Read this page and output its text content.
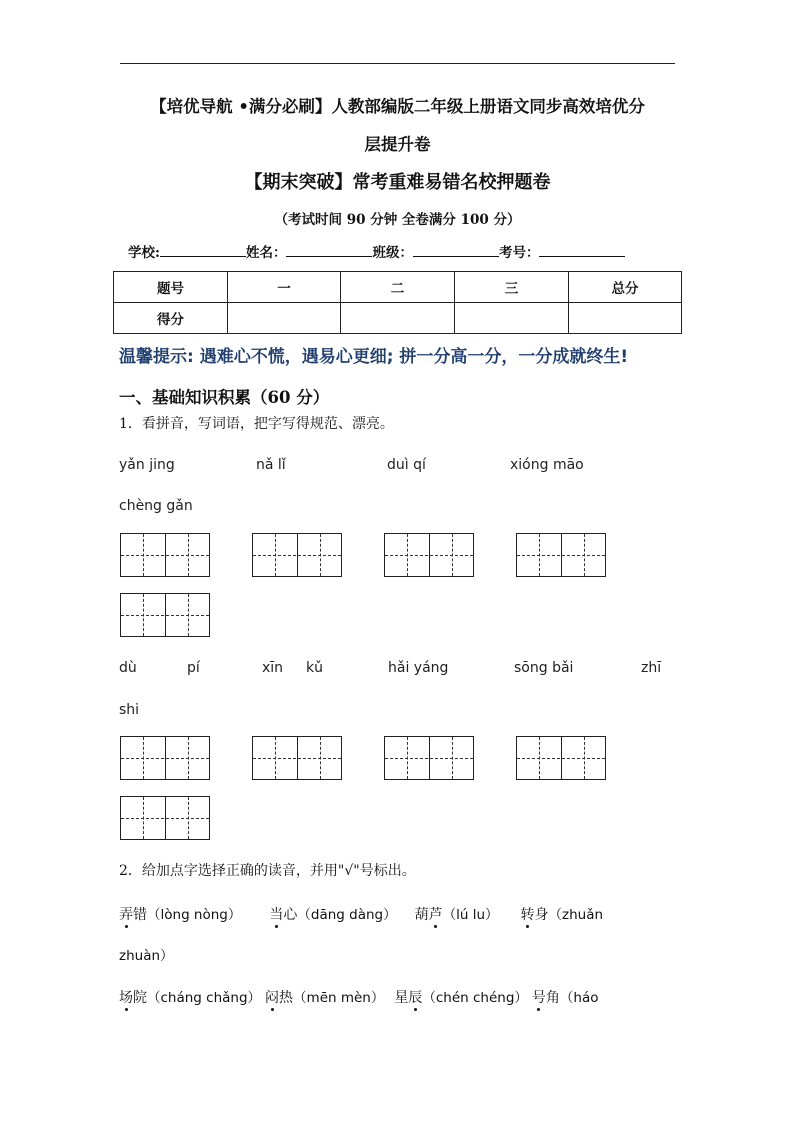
【培优导航 •满分必刷】人教部编版二年级上册语文同步高效培优分
层提升卷
【期末突破】常考重难易错名校押题卷
（考试时间 90 分钟 全卷满分 100 分）
学校:	姓名：	班级：	考号：
题号	一	二	三	总分
得分				
温馨提示: 遇难心不慌，遇易心更细; 拼一分高一分，一分成就终生!
一、基础知识积累（60 分）
1．看拼音，写词语，把字写得规范、漂亮。
yǎn jing	nǎ lǐ	duì qí	xióng māo
chèng gǎn
dù	pí	xīn kǔ	hǎi yáng	sōng bǎi	zhī
shi
2．给加点字选择正确的读音，并用"√"号标出。
弄错（lòng nòng） 当心（dāng dàng） 葫芦（lú lu） 转身（zhuǎn
zhuàn）
场院（cháng chǎng） 闷热（mēn mèn） 星辰（chén chéng） 号角（háo
